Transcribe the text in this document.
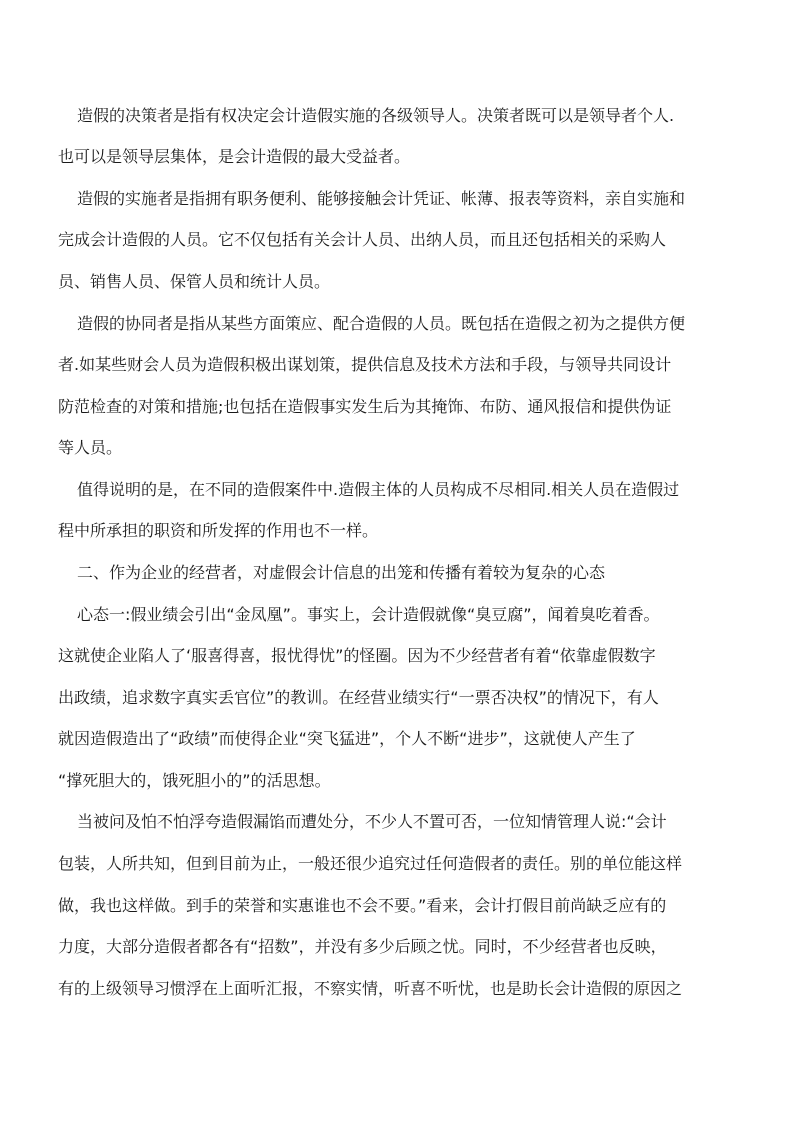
造假的决策者是指有权决定会计造假实施的各级领导人。决策者既可以是领导者个人.
也可以是领导层集体，是会计造假的最大受益者。
造假的实施者是指拥有职务便利、能够接触会计凭证、帐薄、报表等资料，亲自实施和
完成会计造假的人员。它不仅包括有关会计人员、出纳人员，而且还包括相关的采购人
员、销售人员、保管人员和统计人员。
造假的协同者是指从某些方面策应、配合造假的人员。既包括在造假之初为之提供方便
者.如某些财会人员为造假积极出谋划策，提供信息及技术方法和手段，与领导共同设计
防范检查的对策和措施;也包括在造假事实发生后为其掩饰、布防、通风报信和提供伪证
等人员。
值得说明的是，在不同的造假案件中.造假主体的人员构成不尽相同.相关人员在造假过
程中所承担的职资和所发挥的作用也不一样。
二、作为企业的经营者，对虚假会计信息的出笼和传播有着较为复杂的心态
心态一:假业绩会引出“金凤凰”。事实上，会计造假就像“臭豆腐”，闻着臭吃着香。
这就使企业陷人了‘服喜得喜，报忧得忧”的怪圈。因为不少经营者有着“依靠虚假数字
出政绩，追求数字真实丢官位”的教训。在经营业绩实行“一票否决权”的情况下，有人
就因造假造出了“政绩”而使得企业“突飞猛进”，个人不断“进步”，这就使人产生了
“撑死胆大的，饿死胆小的”的活思想。
当被问及怕不怕浮夸造假漏馅而遭处分，不少人不置可否，一位知情管理人说:“会计
包装，人所共知，但到目前为止，一般还很少追究过任何造假者的责任。别的单位能这样
做，我也这样做。到手的荣誉和实惠谁也不会不要。”看来，会计打假目前尚缺乏应有的
力度，大部分造假者都各有“招数”，并没有多少后顾之忧。同时，不少经营者也反映，
有的上级领导习惯浮在上面听汇报，不察实情，听喜不听忧，也是助长会计造假的原因之
